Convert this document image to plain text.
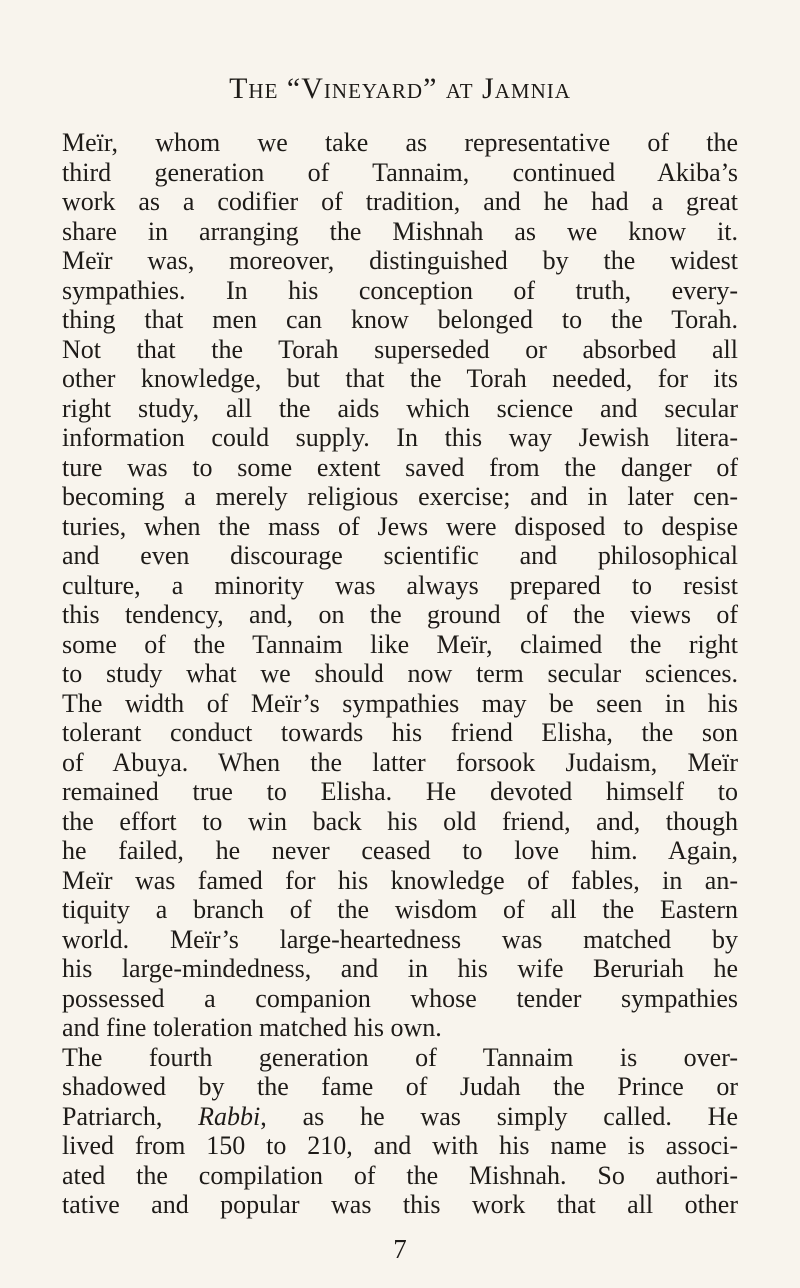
The “Vineyard” at Jamnia
Meïr, whom we take as representative of the
third generation of Tannaim, continued Akiba’s
work as a codifier of tradition, and he had a great
share in arranging the Mishnah as we know it.
Meïr was, moreover, distinguished by the widest
sympathies. In his conception of truth, every-
thing that men can know belonged to the Torah.
Not that the Torah superseded or absorbed all
other knowledge, but that the Torah needed, for its
right study, all the aids which science and secular
information could supply. In this way Jewish litera-
ture was to some extent saved from the danger of
becoming a merely religious exercise; and in later cen-
turies, when the mass of Jews were disposed to despise
and even discourage scientific and philosophical
culture, a minority was always prepared to resist
this tendency, and, on the ground of the views of
some of the Tannaim like Meïr, claimed the right
to study what we should now term secular sciences.
The width of Meïr’s sympathies may be seen in his
tolerant conduct towards his friend Elisha, the son
of Abuya. When the latter forsook Judaism, Meïr
remained true to Elisha. He devoted himself to
the effort to win back his old friend, and, though
he failed, he never ceased to love him. Again,
Meïr was famed for his knowledge of fables, in an-
tiquity a branch of the wisdom of all the Eastern
world. Meïr’s large-heartedness was matched by
his large-mindedness, and in his wife Beruriah he
possessed a companion whose tender sympathies
and fine toleration matched his own.
The fourth generation of Tannaim is over-
shadowed by the fame of Judah the Prince or
Patriarch, Rabbi, as he was simply called. He
lived from 150 to 210, and with his name is associ-
ated the compilation of the Mishnah. So authori-
tative and popular was this work that all other
7
